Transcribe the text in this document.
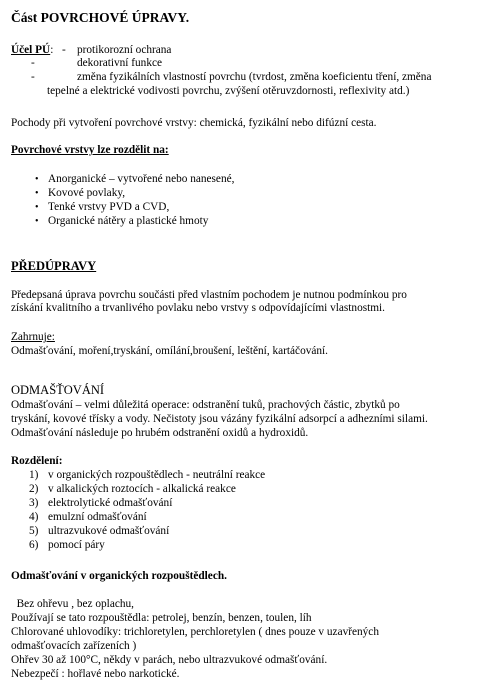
Část POVRCHOVÉ ÚPRAVY.
Účel PÚ: - protikorozní ochrana
-	dekorativní funkce
-	změna fyzikálních vlastností povrchu (tvrdost, změna koeficientu tření, změna
tepelné a elektrické vodivosti povrchu, zvýšení otěruvzdornosti, reflexivity atd.)
Pochody při vytvoření povrchové vrstvy: chemická, fyzikální nebo difúzní cesta.
Povrchové vrstvy lze rozdělit na:
• Anorganické – vytvořené nebo nanesené,
• Kovové povlaky,
• Tenké vrstvy PVD a CVD,
• Organické nátěry a plastické hmoty
PŘEDÚPRAVY
Předepsaná úprava povrchu součásti před vlastním pochodem je nutnou podmínkou pro
získání kvalitního a trvanlivého povlaku nebo vrstvy s odpovídajícími vlastnostmi.
Zahrnuje:
Odmašťování, moření,tryskání, omílání,broušení, leštění, kartáčování.
ODMAŠŤOVÁNÍ
Odmašťování – velmi důležitá operace: odstranění tuků, prachových částic, zbytků po
tryskání, kovové třísky a vody. Nečistoty jsou vázány fyzikální adsorpcí a adhezními silami.
Odmašťování následuje po hrubém odstranění oxidů a hydroxidů.
Rozdělení:
1) v organických rozpouštědlech - neutrální reakce
2) v alkalických roztocích - alkalická reakce
3) elektrolytické odmašťování
4) emulzní odmašťování
5) ultrazvukové odmašťování
6) pomocí páry
Odmašťování v organických rozpouštědlech.
Bez ohřevu , bez oplachu,
Používají se tato rozpouštědla: petrolej, benzín, benzen, toulen, líh
Chlorované uhlovodíky: trichloretylen, perchloretylen ( dnes pouze v uzavřených
odmašťovacích zařízeních )
Ohřev 30 až 100°C, někdy v parách, nebo ultrazvukové odmašťování.
Nebezpečí : hořlavé nebo narkotické.
